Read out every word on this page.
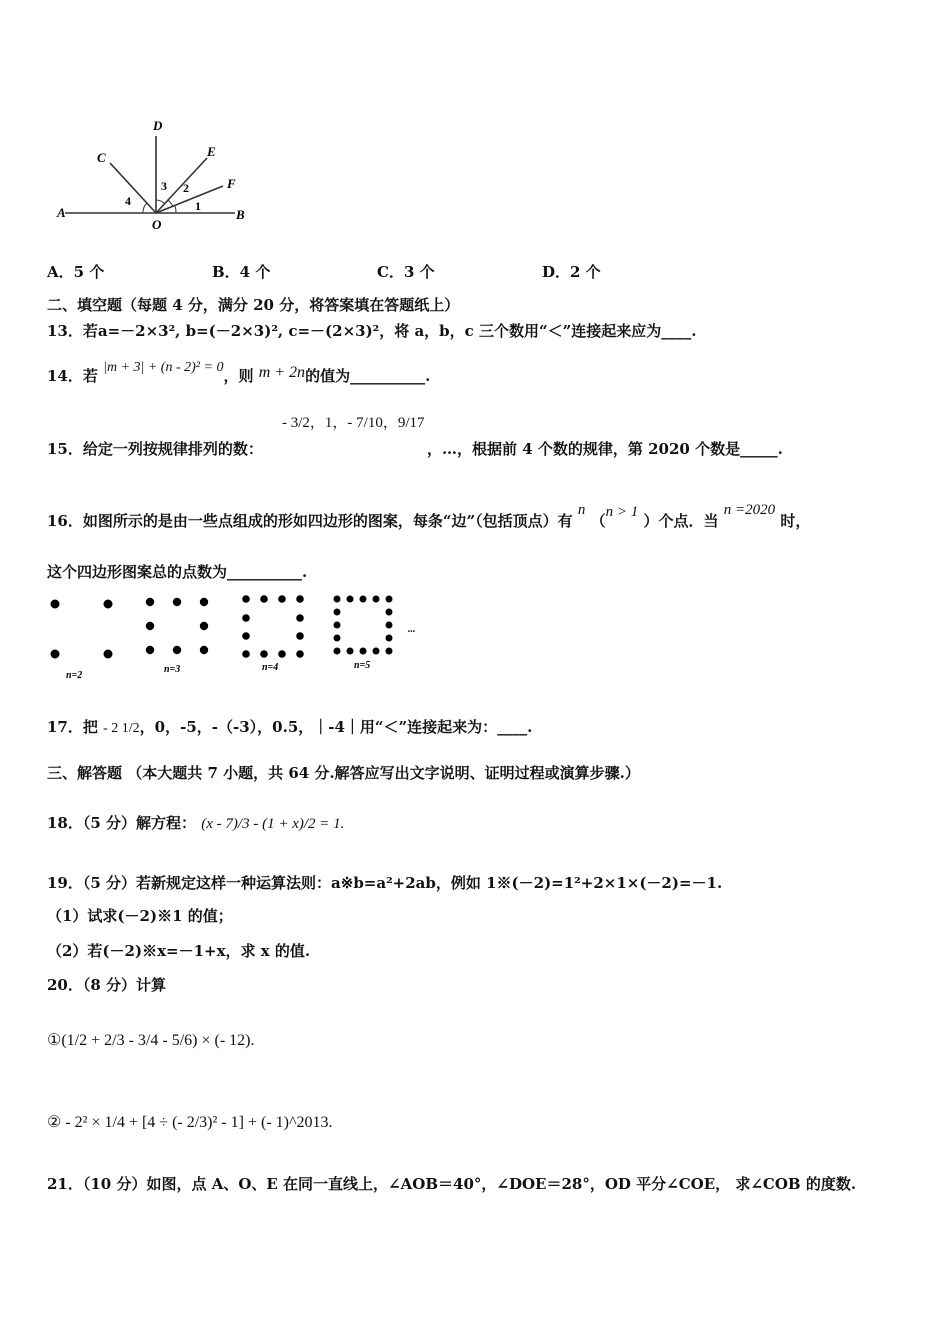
D
C	E
F
A
O
B
4
3 2
1
A．5 个	B．4 个	C．3 个	D．2 个
二、填空题（每题 4 分，满分 20 分，将答案填在答题纸上）
13．若a=－2×3², b=(－2×3)², c=－(2×3)²，将 a，b，c 三个数用“＜”连接起来应为____.
14．若 |m + 3| + (n - 2)² = 0，则 m + 2n的值为__________.
15．给定一列按规律排列的数：
- 3/2，1，- 7/10，9/17
，…，根据前 4 个数的规律，第 2020 个数是_____.
16．如图所示的是由一些点组成的形如四边形的图案，每条“边”（包括顶点）有 n （n > 1 ）个点．当 n =2020 时，
这个四边形图案总的点数为__________.
n=2
n=3	n=4	n=5
...
17．把 - 2 1/2，0，-5，-（-3），0.5，｜-4｜用“＜”连接起来为：____.
三、解答题 （本大题共 7 小题，共 64 分.解答应写出文字说明、证明过程或演算步骤.）
18．（5 分）解方程： (x - 7)/3 - (1 + x)/2 = 1.
19．（5 分）若新规定这样一种运算法则：a※b=a²+2ab，例如 1※(－2)=1²+2×1×(－2)=－1.
（1）试求(－2)※1 的值；
（2）若(－2)※x=－1+x，求 x 的值.
20．（8 分）计算
①(1/2 + 2/3 - 3/4 - 5/6) × (- 12).
② - 2² × 1/4 + [4 ÷ (- 2/3)² - 1] + (- 1)^2013.
21．（10 分）如图，点 A、O、E 在同一直线上，∠AOB＝40°，∠DOE＝28°，OD 平分∠COE， 求∠COB 的度数.
